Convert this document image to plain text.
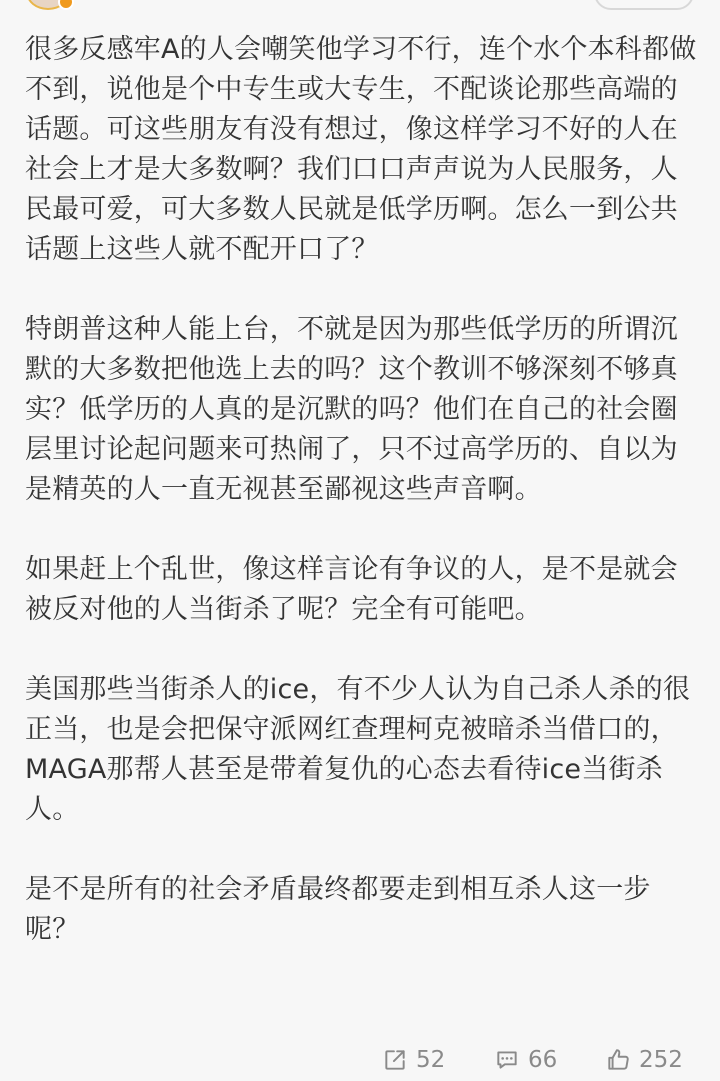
很多反感牢A的人会嘲笑他学习不行，连个水个本科都做不到，说他是个中专生或大专生，不配谈论那些高端的话题。可这些朋友有没有想过，像这样学习不好的人在社会上才是大多数啊？我们口口声声说为人民服务，人民最可爱，可大多数人民就是低学历啊。怎么一到公共话题上这些人就不配开口了？

特朗普这种人能上台，不就是因为那些低学历的所谓沉默的大多数把他选上去的吗？这个教训不够深刻不够真实？低学历的人真的是沉默的吗？他们在自己的社会圈层里讨论起问题来可热闹了，只不过高学历的、自以为是精英的人一直无视甚至鄙视这些声音啊。

如果赶上个乱世，像这样言论有争议的人，是不是就会被反对他的人当街杀了呢？完全有可能吧。

美国那些当街杀人的ice，有不少人认为自己杀人杀的很正当，也是会把保守派网红查理柯克被暗杀当借口的，MAGA那帮人甚至是带着复仇的心态去看待ice当街杀人。

是不是所有的社会矛盾最终都要走到相互杀人这一步呢？

52	66	252
